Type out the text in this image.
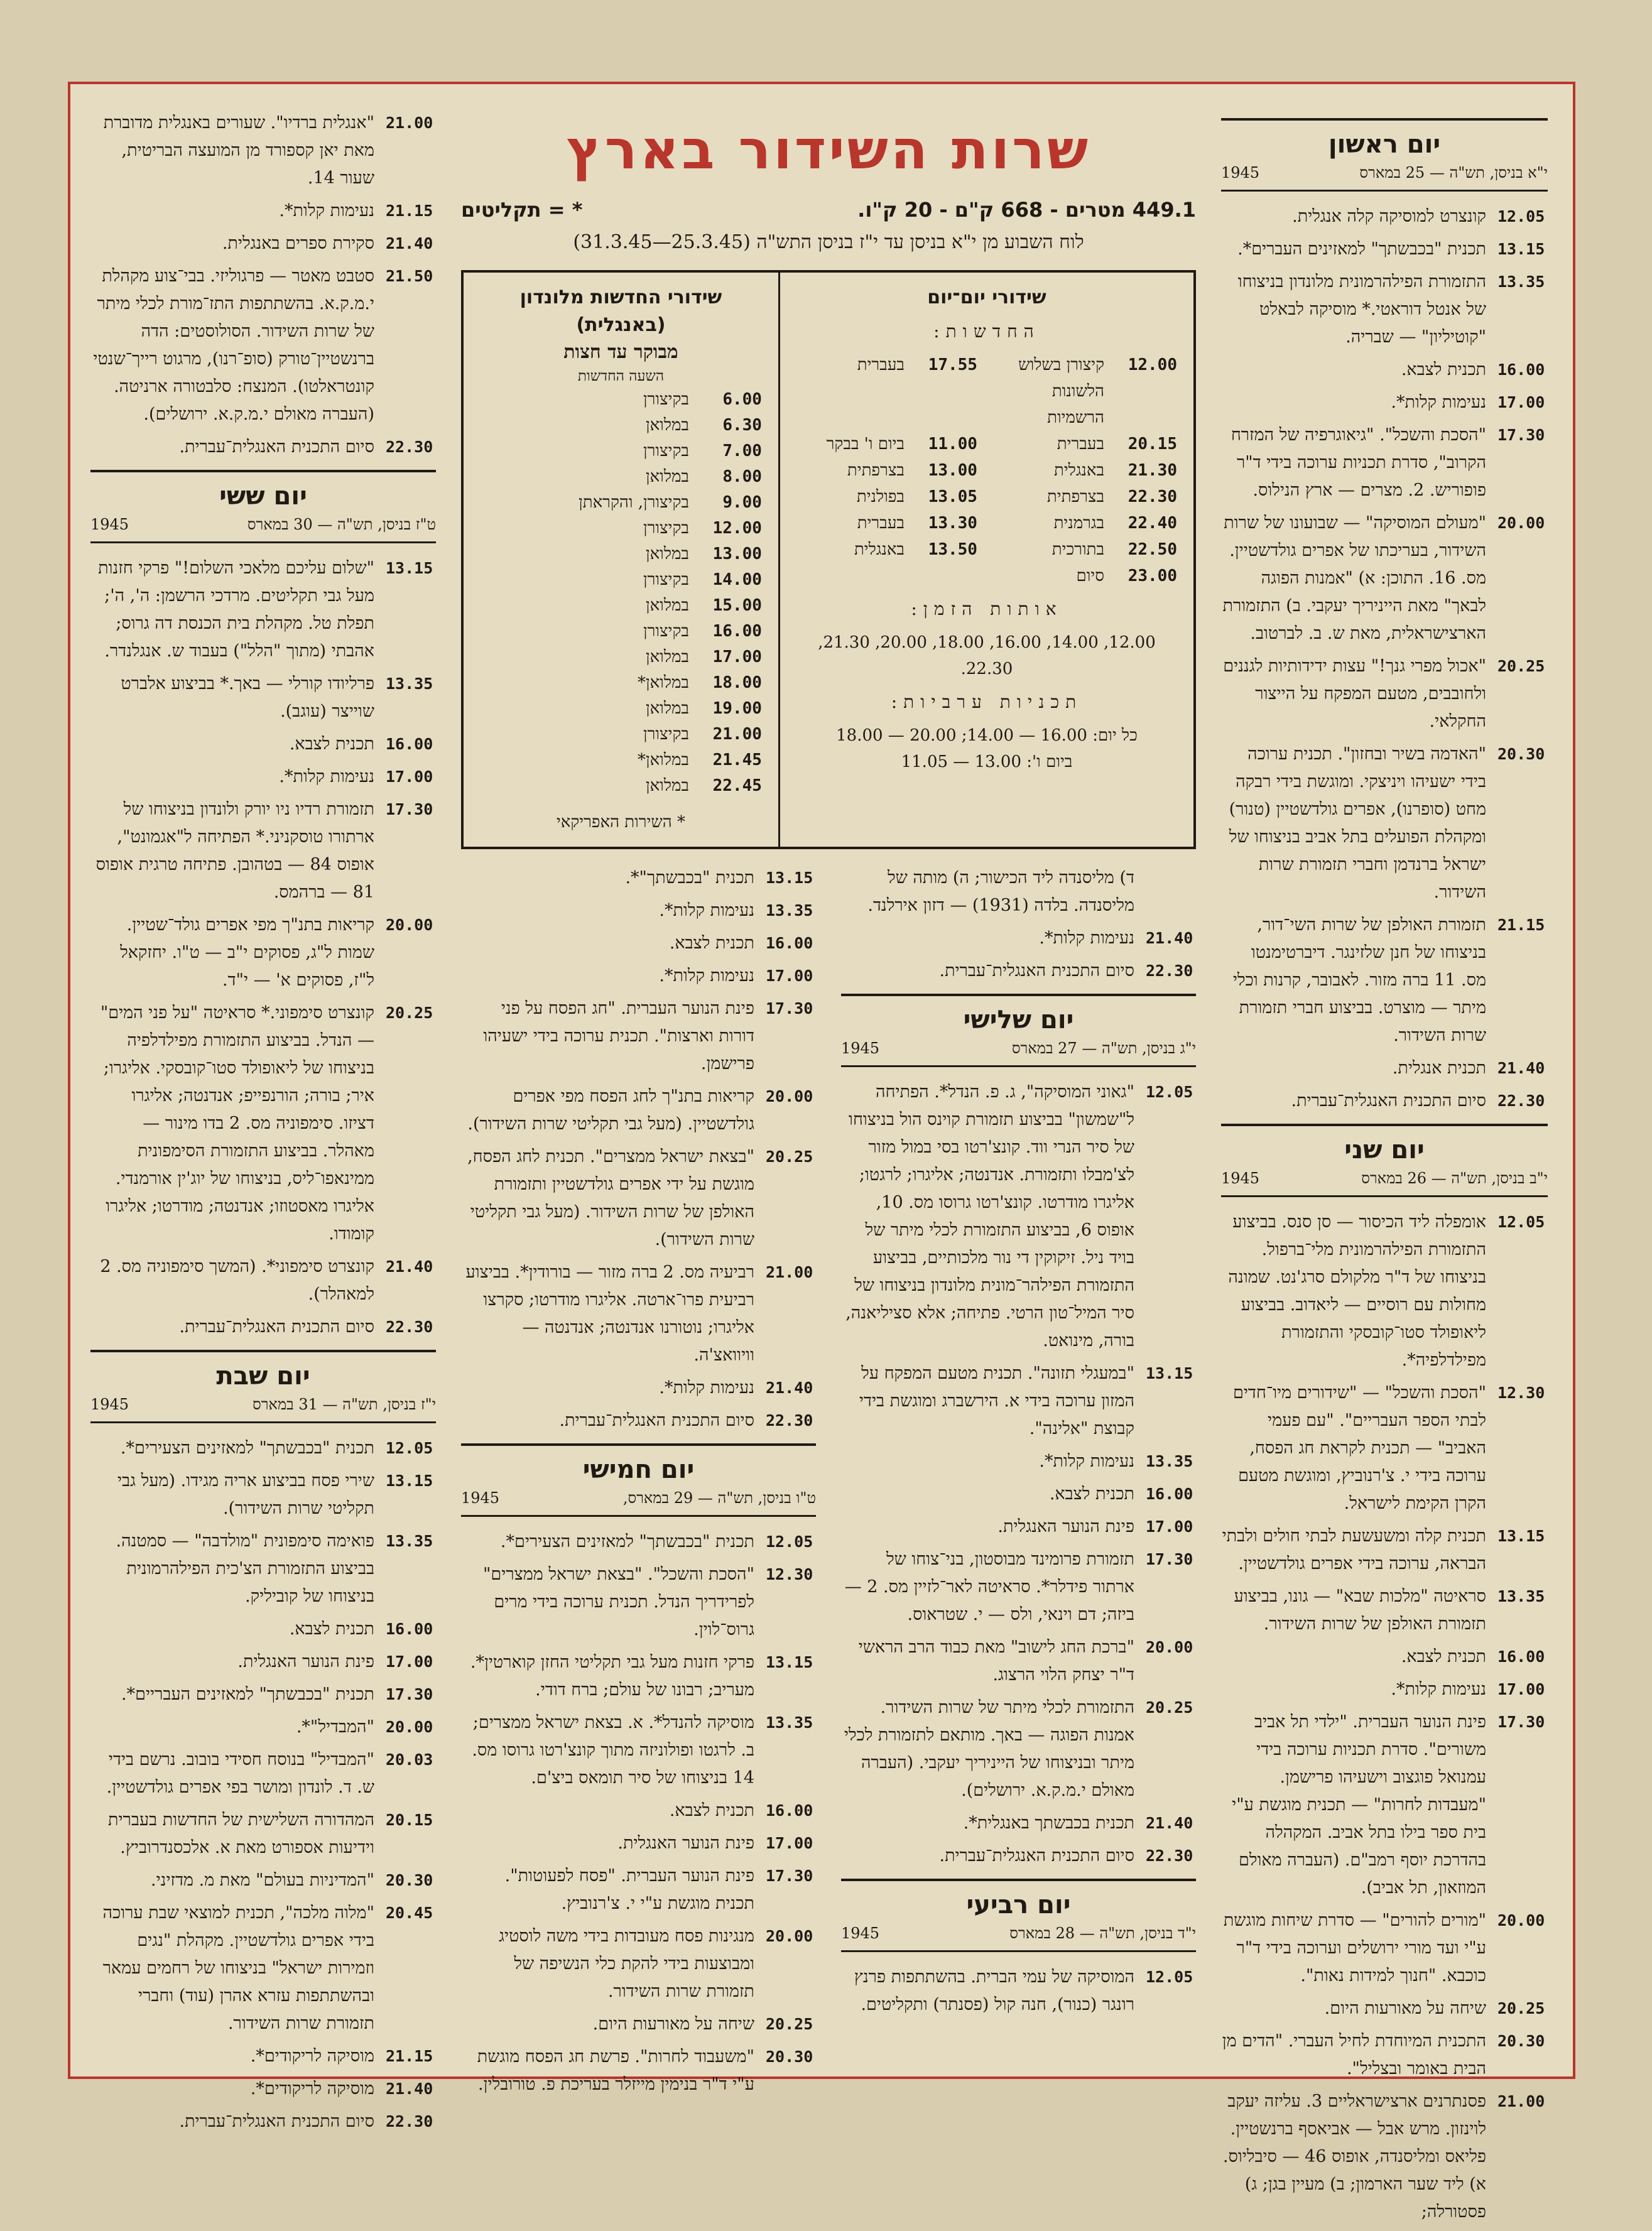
יום ראשון
י"א בניסן, תש"ה — 25 במארס
1945
12.05
קונצרט למוסיקה קלה אנגלית.
13.15
תכנית "בכבשתך" למאזינים העברים*.
13.35
התזמורת הפילהרמונית מלונדון בניצוחו של אנטל דוראטי.* מוסיקה לבאלט "קוטיליון" — שבריה.
16.00
תכנית לצבא.
17.00
נעימות קלות*.
17.30
"הסכת והשכל". "גיאוגרפיה של המזרח הקרוב", סדרת תכניות ערוכה בידי ד"ר פופוריש. 2. מצרים — ארץ הנילוס.
20.00
"מעולם המוסיקה" — שבועונו של שרות השידור, בעריכתו של אפרים גולדשטיין. מס. 16. התוכן: א) "אמנות הפוגה לבאך" מאת הייניריך יעקבי. ב) התזמורת הארצישראלית, מאת ש. ב. לברטוב.
20.25
"אכול מפרי גנך!" עצות ידידותיות לגננים ולחובבים, מטעם המפקח על הייצור החקלאי.
20.30
"האדמה בשיר ובחזון". תכנית ערוכה בידי ישעיהו ויניצקי. ומוגשת בידי רבקה מחט (סופרנו), אפרים גולדשטיין (טנור) ומקהלת הפועלים בתל אביב בניצוחו של ישראל ברנדמן וחברי תזמורת שרות השידור.
21.15
תזמורת האולפן של שרות השי־דור, בניצוחו של חנן שלזינגר. דיברטימנטו מס. 11 ברה מזור. לאבובר, קרנות וכלי מיתר — מוצרט. בביצוע חברי תזמורת שרות השידור.
21.40
תכנית אנגלית.
22.30
סיום התכנית האנגלית־עברית.
יום שני
י"ב בניסן, תש"ה — 26 במארס
1945
12.05
אומפלה ליד הכיסור — סן סנס. בביצוע התזמורת הפילהרמונית מלי־ברפול. בניצוחו של ד"ר מלקולם סרג'נט. שמונה מחולות עם רוסיים — ליאדוב. בביצוע ליאופולד סטו־קובסקי והתזמורת מפילדלפיה*.
12.30
"הסכת והשכל" — "שידורים מיו־חדים לבתי הספר העבריים". "עם פעמי האביב" — תכנית לקראת חג הפסח, ערוכה בידי י. צ'רנוביץ, ומוגשת מטעם הקרן הקימת לישראל.
13.15
תכנית קלה ומשעשעת לבתי חולים ולבתי הבראה, ערוכה בידי אפרים גולדשטיין.
13.35
סראיטה "מלכות שבא" — גונו, בביצוע תזמורת האולפן של שרות השידור.
16.00
תכנית לצבא.
17.00
נעימות קלות*.
17.30
פינת הנוער העברית. "ילדי תל אביב משורים". סדרת תכניות ערוכה בידי עמנואל פוגצוב וישעיהו פרישמן. "מעבדות לחרות" — תכנית מוגשת ע"י בית ספר בילו בתל אביב. המקהלה בהדרכת יוסף רמב"ם. (העברה מאולם המוזאון, תל אביב).
20.00
"מורים להורים" — סדרת שיחות מוגשת ע"י ועד מורי ירושלים וערוכה בידי ד"ר כוכבא. "חנוך למידות נאות".
20.25
שיחה על מאורעות היום.
20.30
התכנית המיוחדת לחיל העברי. "הדים מן הבית באומר ובצליל".
21.00
פסנתרנים ארצישראליים 3. עליזה יעקב לוינזון. מרש אבל — אביאסף ברנשטיין. פליאס ומליסנדה, אופוס 46 — סיבליוס. א) ליד שער הארמון; ב) מעיין בגן; ג) פסטורלה;
שרות השידור בארץ
449.1 מטרים - 668 ק"ם - 20 ק"ו.
* = תקליטים
לוח השבוע מן י"א בניסן עד י"ז בניסן התש"ה (25.3.45—31.3.45)
שידורי יום־יום
החדשות:
12.00
קיצורן בשלוש הלשונות הרשמיות
17.55
בעברית
20.15
בעברית
11.00
ביום ו' בבקר
21.30
באנגלית
13.00
בצרפתית
22.30
בצרפתית
13.05
בפולנית
22.40
בגרמנית
13.30
בעברית
22.50
בתורכית
13.50
באנגלית
23.00
סיום
אותות הזמן:
12.00, 14.00, 16.00, 18.00, 20.00, 21.30, 22.30.
תכניות ערביות:
כל יום: 16.00 — 14.00; 20.00 — 18.00
ביום ו': 13.00 — 11.05
שידורי החדשות מלונדון (באנגלית)
מבוקר עד חצות
השעה החדשות
6.00
בקיצורן
6.30
במלואן
7.00
בקיצורן
8.00
במלואן
9.00
בקיצורן, והקראתן
12.00
בקיצורן
13.00
במלואן
14.00
בקיצורן
15.00
במלואן
16.00
בקיצורן
17.00
במלואן
18.00
במלואן*
19.00
במלואן
21.00
בקיצורן
21.45
במלואן*
22.45
במלואן
* השירות האפריקאי
ד) מליסנדה ליד הכישור; ה) מותה של מליסנדה. בלדה (1931) — דזון אירלנד.
21.40
נעימות קלות*.
22.30
סיום התכנית האנגלית־עברית.
יום שלישי
י"ג בניסן, תש"ה — 27 במארס
1945
12.05
"גאוני המוסיקה", ג. פ. הנדל*. הפתיחה ל"שמשון" בביצוע תזמורת קוינס הול בניצוחו של סיר הנרי ווד. קונצ'רטו בסי במול מזור לצ'מבלו ותזמורת. אנדנטה; אליגרו; לרגטו; אליגרו מודרטו. קונצ'רטו גרוסו מס. 10, אופוס 6, בביצוע התזמורת לכלי מיתר של בויד ניל. זיקוקין די נור מלכותיים, בביצוע התזמורת הפילהר־מונית מלונדון בניצוחו של סיר המיל־טון הרטי. פתיחה; אלא סציליאנה, בורה, מינואט.
13.15
"במעגלי תזונה". תכנית מטעם המפקח על המזון ערוכה בידי א. הירשברג ומוגשת בידי קבוצת "אלינה".
13.35
נעימות קלות*.
16.00
תכנית לצבא.
17.00
פינת הנוער האנגלית.
17.30
תזמורת פרומינד מבוסטון, בני־צוחו של ארתור פידלר*. סראיטה לאר־לזיין מס. 2 — ביזה; דם וינאי, ולס — י. שטראוס.
20.00
"ברכת החג לישוב" מאת כבוד הרב הראשי ד"ר יצחק הלוי הרצוג.
20.25
התזמורת לכלי מיתר של שרות השידור. אמנות הפוגה — באך. מותאם לתזמורת לכלי מיתר ובניצוחו של הייניריך יעקבי. (העברה מאולם י.מ.ק.א. ירושלים).
21.40
תכנית בכבשתך באנגלית*.
22.30
סיום התכנית האנגלית־עברית.
יום רביעי
י"ד בניסן, תש"ה — 28 במארס
1945
12.05
המוסיקה של עמי הברית. בהשתתפות פרנץ רונגר (כנור), חנה קול (פסנתר) ותקליטים.
13.15
תכנית "בכבשתך"*.
13.35
נעימות קלות*.
16.00
תכנית לצבא.
17.00
נעימות קלות*.
17.30
פינת הנוער העברית. "חג הפסח על פני דורות וארצות". תכנית ערוכה בידי ישעיהו פרישמן.
20.00
קריאות בתנ"ך לחג הפסח מפי אפרים גולדשטיין. (מעל גבי תקליטי שרות השידור).
20.25
"בצאת ישראל ממצרים". תכנית לחג הפסח, מוגשת על ידי אפרים גולדשטיין ותזמורת האולפן של שרות השידור. (מעל גבי תקליטי שרות השידור).
21.00
רביעיה מס. 2 ברה מזור — בורודין*. בביצוע רביעית פרו־ארטה. אליגרו מודרטו; סקרצו אליגרו; נוטורנו אנדנטה; אנדנטה — וויוואצ'ה.
21.40
נעימות קלות*.
22.30
סיום התכנית האנגלית־עברית.
יום חמישי
ט"ו בניסן, תש"ה — 29 במארס,
1945
12.05
תכנית "בכבשתך" למאזינים הצעירים*.
12.30
"הסכת והשכל". "בצאת ישראל ממצרים" לפרידריך הנדל. תכנית ערוכה בידי מרים גרוס־לוין.
13.15
פרקי חזנות מעל גבי תקליטי החזן קוארטין*. מעריב; רבונו של עולם; ברח דודי.
13.35
מוסיקה להנדל*. א. בצאת ישראל ממצרים; ב. לרגטו ופולוניזה מתוך קונצ'רטו גרוסו מס. 14 בניצוחו של סיר תומאס ביצ'ם.
16.00
תכנית לצבא.
17.00
פינת הנוער האנגלית.
17.30
פינת הנוער העברית. "פסח לפעוטות". תכנית מוגשת ע"י י. צ'רנוביץ.
20.00
מנגינות פסח מעובדות בידי משה לוסטיג ומבוצעות בידי להקת כלי הנשיפה של תזמורת שרות השידור.
20.25
שיחה על מאורעות היום.
20.30
"משעבוד לחרות". פרשת חג הפסח מוגשת ע"י ד"ר בנימין מייזלר בעריכת פ. טורובלין.
21.00
"אנגלית ברדיו". שעורים באנגלית מדוברת מאת יאן קספורד מן המועצה הבריטית, שעור 14.
21.15
נעימות קלות*.
21.40
סקירת ספרים באנגלית.
21.50
סטבט מאטר — פרגוליזי. בבי־צוע מקהלת י.מ.ק.א. בהשתתפות התז־מורת לכלי מיתר של שרות השידור. הסולוסטים: הדה ברנשטיין־טורק (סופ־רנו), מרגוט רייך־שנטי קונטראלטו). המנצח: סלבטורה ארניטה. (העברה מאולם י.מ.ק.א. ירושלים).
22.30
סיום התכנית האנגלית־עברית.
יום ששי
ט"ז בניסן, תש"ה — 30 במארס
1945
13.15
"שלום עליכם מלאכי השלום!" פרקי חזנות מעל גבי תקליטים. מרדכי הרשמן: ה', ה'; תפלת טל. מקהלת בית הכנסת דה גרוס; אהבתי (מתוך "הלל") בעבוד ש. אנגלנדר.
13.35
פרליודו קורלי — באך.* בביצוע אלברט שוייצר (עוגב).
16.00
תכנית לצבא.
17.00
נעימות קלות*.
17.30
תזמורת רדיו ניו יורק ולונדון בניצוחו של ארתורו טוסקניני.* הפתיחה ל"אגמונט", אופוס 84 — בטהובן. פתיחה טרגית אופוס 81 — ברהמס.
20.00
קריאות בתנ"ך מפי אפרים גולד־שטיין. שמות ל"ג, פסוקים י"ב — ט"ו. יחזקאל ל"ז, פסוקים א' — י"ד.
20.25
קונצרט סימפוני.* סראיטה "על פני המים" — הנדל. בביצוע התזמורת מפילדלפיה בניצוחו של ליאופולד סטו־קובסקי. אליגרו; איר; בורה; הורנפייפ; אנדנטה; אליגרו דציזו. סימפוניה מס. 2 בדו מינור — מאהלר. בביצוע התזמורת הסימפונית ממינאפו־ליס, בניצוחו של יוג'ין אורמנדי. אליגרו מאסטוזו; אנדנטה; מודרטו; אליגרו קומודו.
21.40
קונצרט סימפוני*. (המשך סימפוניה מס. 2 למאהלר).
22.30
סיום התכנית האנגלית־עברית.
יום שבת
י"ז בניסן, תש"ה — 31 במארס
1945
12.05
תכנית "בכבשתך" למאזינים הצעירים*.
13.15
שירי פסח בביצוע אריה מגידו. (מעל גבי תקליטי שרות השידור).
13.35
פואימה סימפונית "מולדבה" — סמטנה. בביצוע התזמורת הצ'כית הפילהרמונית בניצוחו של קוביליק.
16.00
תכנית לצבא.
17.00
פינת הנוער האנגלית.
17.30
תכנית "בכבשתך" למאזינים העבריים*.
20.00
"המבדיל"*.
20.03
"המבדיל" בנוסח חסידי בובוב. נרשם בידי ש. ד. לונדון ומושר בפי אפרים גולדשטיין.
20.15
המהדורה השלישית של החדשות בעברית וידיעות אספורט מאת א. אלכסנדרוביץ.
20.30
"המדיניות בעולם" מאת מ. מדזיני.
20.45
"מלוה מלכה", תכנית למוצאי שבת ערוכה בידי אפרים גולדשטיין. מקהלת "נגים וזמירות ישראל" בניצוחו של רחמים עמאר ובהשתתפות עזרא אהרן (עוד) וחברי תזמורת שרות השידור.
21.15
מוסיקה לריקודים*.
21.40
מוסיקה לריקודים*.
22.30
סיום התכנית האנגלית־עברית.
